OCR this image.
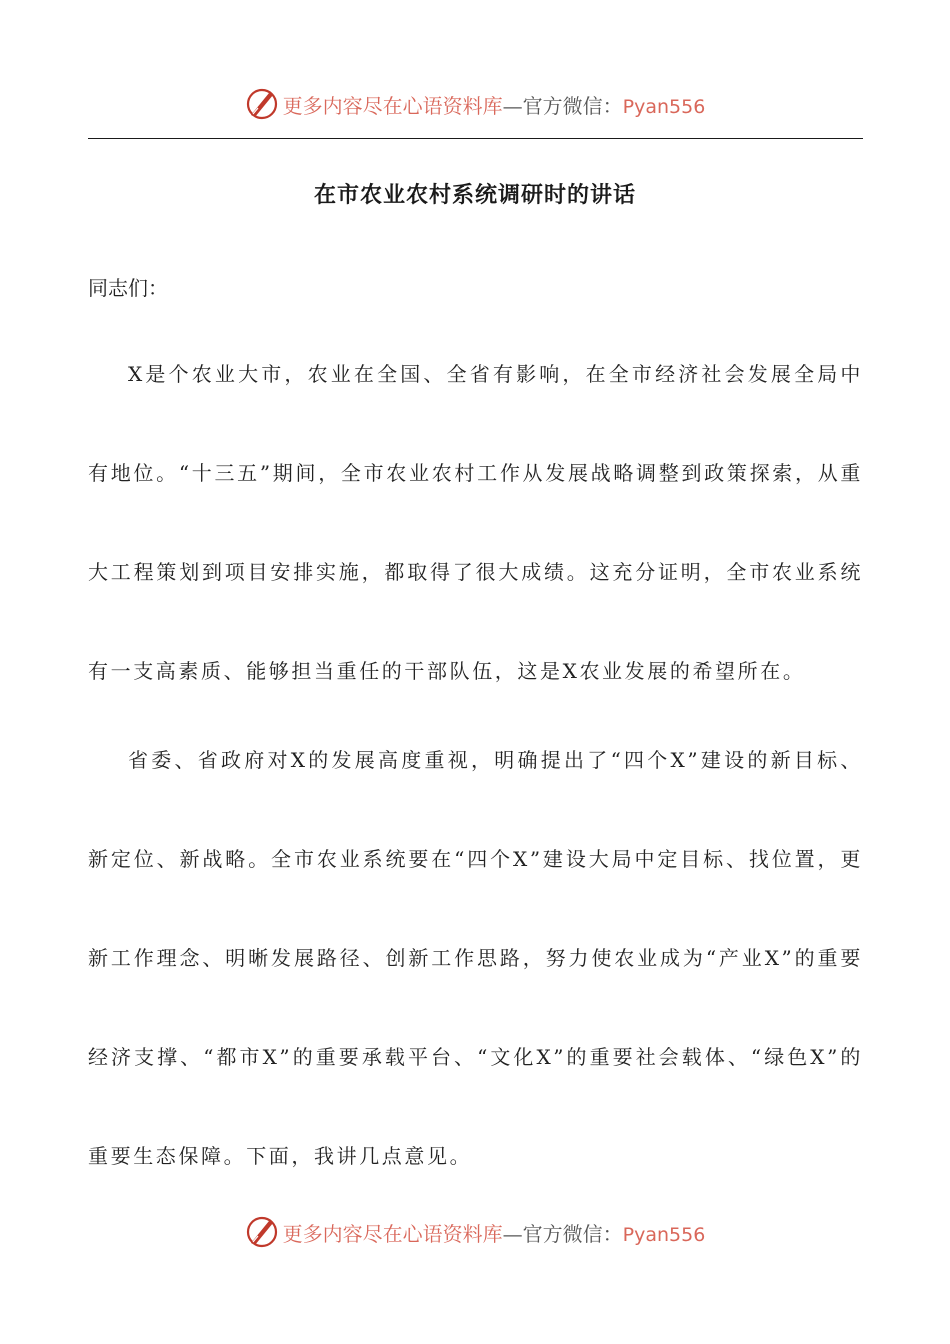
更多内容尽在心语资料库—官方微信：Pyan556
在市农业农村系统调研时的讲话

同志们：

X是个农业大市，农业在全国、全省有影响，在全市经济社会发展全局中有地位。“十三五”期间，全市农业农村工作从发展战略调整到政策探索，从重大工程策划到项目安排实施，都取得了很大成绩。这充分证明，全市农业系统有一支高素质、能够担当重任的干部队伍，这是X农业发展的希望所在。

省委、省政府对X的发展高度重视，明确提出了“四个X”建设的新目标、新定位、新战略。全市农业系统要在“四个X”建设大局中定目标、找位置，更新工作理念、明晰发展路径、创新工作思路，努力使农业成为“产业X”的重要经济支撑、“都市X”的重要承载平台、“文化X”的重要社会载体、“绿色X”的重要生态保障。下面，我讲几点意见。

更多内容尽在心语资料库—官方微信：Pyan556
